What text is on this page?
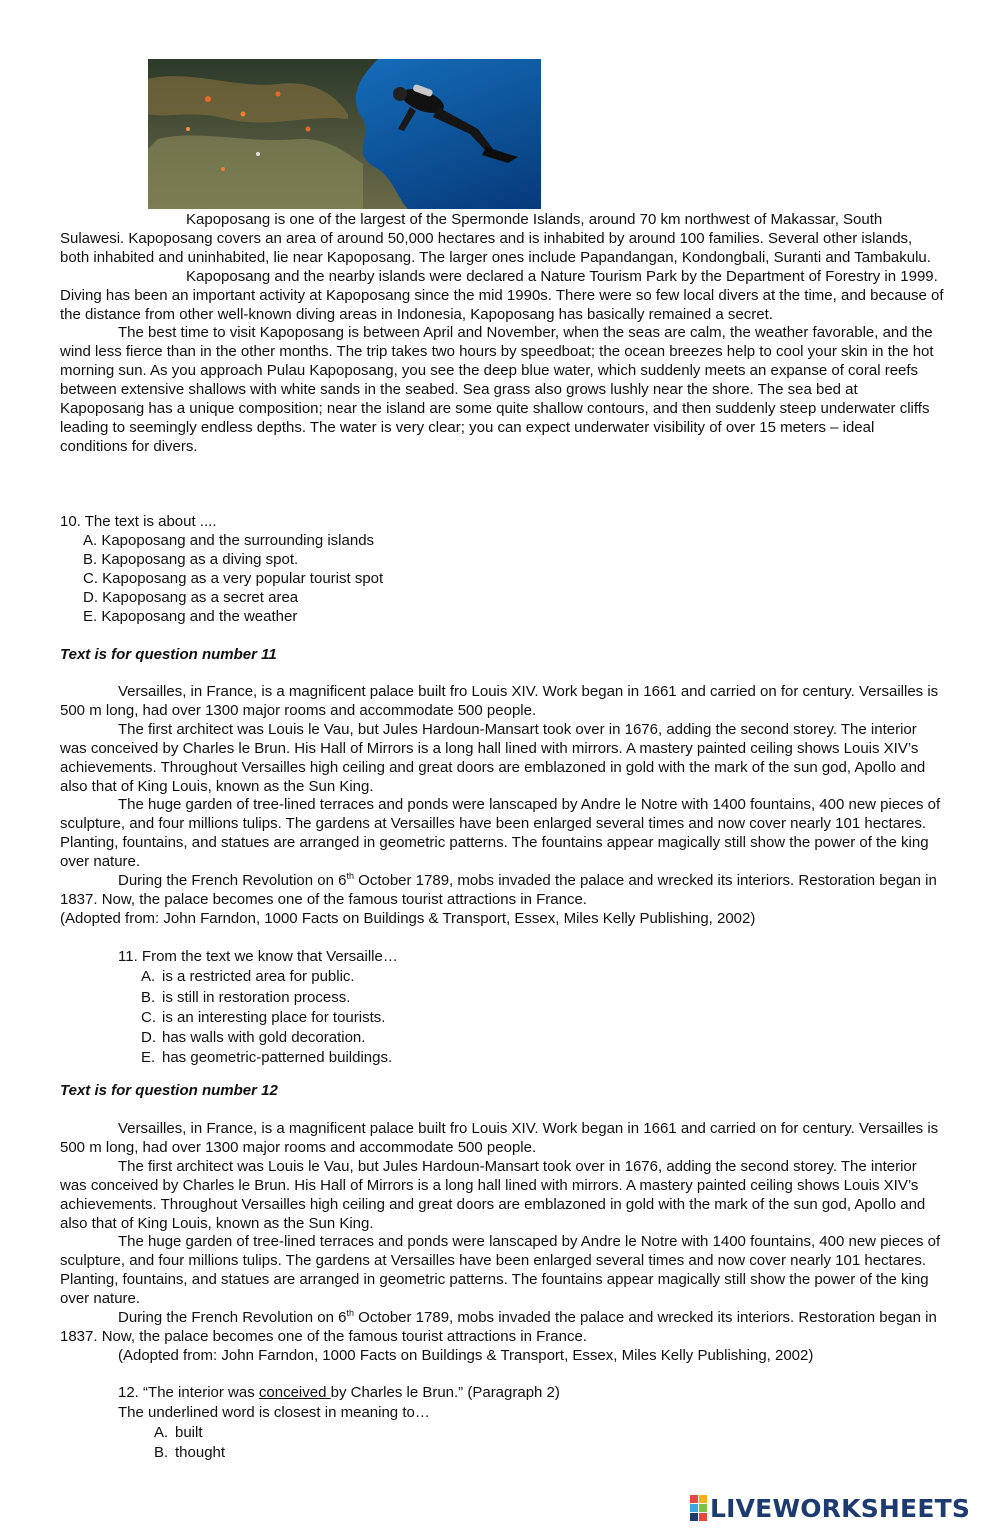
Kapoposang is one of the largest of the Spermonde Islands, around 70 km northwest of Makassar, South Sulawesi. Kapoposang covers an area of around 50,000 hectares and is inhabited by around 100 families. Several other islands, both inhabited and uninhabited, lie near Kapoposang. The larger ones include Papandangan, Kondongbali, Suranti and Tambakulu.

Kapoposang and the nearby islands were declared a Nature Tourism Park by the Department of Forestry in 1999. Diving has been an important activity at Kapoposang since the mid 1990s. There were so few local divers at the time, and because of the distance from other well-known diving areas in Indonesia, Kapoposang has basically remained a secret.

The best time to visit Kapoposang is between April and November, when the seas are calm, the weather favorable, and the wind less fierce than in the other months. The trip takes two hours by speedboat; the ocean breezes help to cool your skin in the hot morning sun. As you approach Pulau Kapoposang, you see the deep blue water, which suddenly meets an expanse of coral reefs between extensive shallows with white sands in the seabed. Sea grass also grows lushly near the shore. The sea bed at Kapoposang has a unique composition; near the island are some quite shallow contours, and then suddenly steep underwater cliffs leading to seemingly endless depths. The water is very clear; you can expect underwater visibility of over 15 meters – ideal conditions for divers.

10. The text is about ....

A. Kapoposang and the surrounding islands

B. Kapoposang as a diving spot.

C. Kapoposang as a very popular tourist spot

D. Kapoposang as a secret area

E. Kapoposang and the weather

Text is for question number 11

Versailles, in France, is a magnificent palace built fro Louis XIV. Work began in 1661 and carried on for century. Versailles is 500 m long, had over 1300 major rooms and accommodate 500 people.

The first architect was Louis le Vau, but Jules Hardoun-Mansart took over in 1676, adding the second storey. The interior was conceived by Charles le Brun. His Hall of Mirrors is a long hall lined with mirrors. A mastery painted ceiling shows Louis XIV’s achievements. Throughout Versailles high ceiling and great doors are emblazoned in gold with the mark of the sun god, Apollo and also that of King Louis, known as the Sun King.

The huge garden of tree-lined terraces and ponds were lanscaped by Andre le Notre with 1400 fountains, 400 new pieces of sculpture, and four millions tulips. The gardens at Versailles have been enlarged several times and now cover nearly 101 hectares. Planting, fountains, and statues are arranged in geometric patterns. The fountains appear magically still show the power of the king over nature.

During the French Revolution on 6th October 1789, mobs invaded the palace and wrecked its interiors. Restoration began in 1837. Now, the palace becomes one of the famous tourist attractions in France.

(Adopted from: John Farndon, 1000 Facts on Buildings & Transport, Essex, Miles Kelly Publishing, 2002)

11. From the text we know that Versaille…
A. is a restricted area for public.
B. is still in restoration process.
C. is an interesting place for tourists.
D. has walls with gold decoration.
E. has geometric-patterned buildings.
Text is for question number 12

Versailles, in France, is a magnificent palace built fro Louis XIV. Work began in 1661 and carried on for century. Versailles is 500 m long, had over 1300 major rooms and accommodate 500 people.

The first architect was Louis le Vau, but Jules Hardoun-Mansart took over in 1676, adding the second storey. The interior was conceived by Charles le Brun. His Hall of Mirrors is a long hall lined with mirrors. A mastery painted ceiling shows Louis XIV’s achievements. Throughout Versailles high ceiling and great doors are emblazoned in gold with the mark of the sun god, Apollo and also that of King Louis, known as the Sun King.

The huge garden of tree-lined terraces and ponds were lanscaped by Andre le Notre with 1400 fountains, 400 new pieces of sculpture, and four millions tulips. The gardens at Versailles have been enlarged several times and now cover nearly 101 hectares. Planting, fountains, and statues are arranged in geometric patterns. The fountains appear magically still show the power of the king over nature.

During the French Revolution on 6th October 1789, mobs invaded the palace and wrecked its interiors. Restoration began in 1837. Now, the palace becomes one of the famous tourist attractions in France.

(Adopted from: John Farndon, 1000 Facts on Buildings & Transport, Essex, Miles Kelly Publishing, 2002)

12. “The interior was conceived by Charles le Brun.” (Paragraph 2)
The underlined word is closest in meaning to…
A. built
B. thought
LIVEWORKSHEETS
